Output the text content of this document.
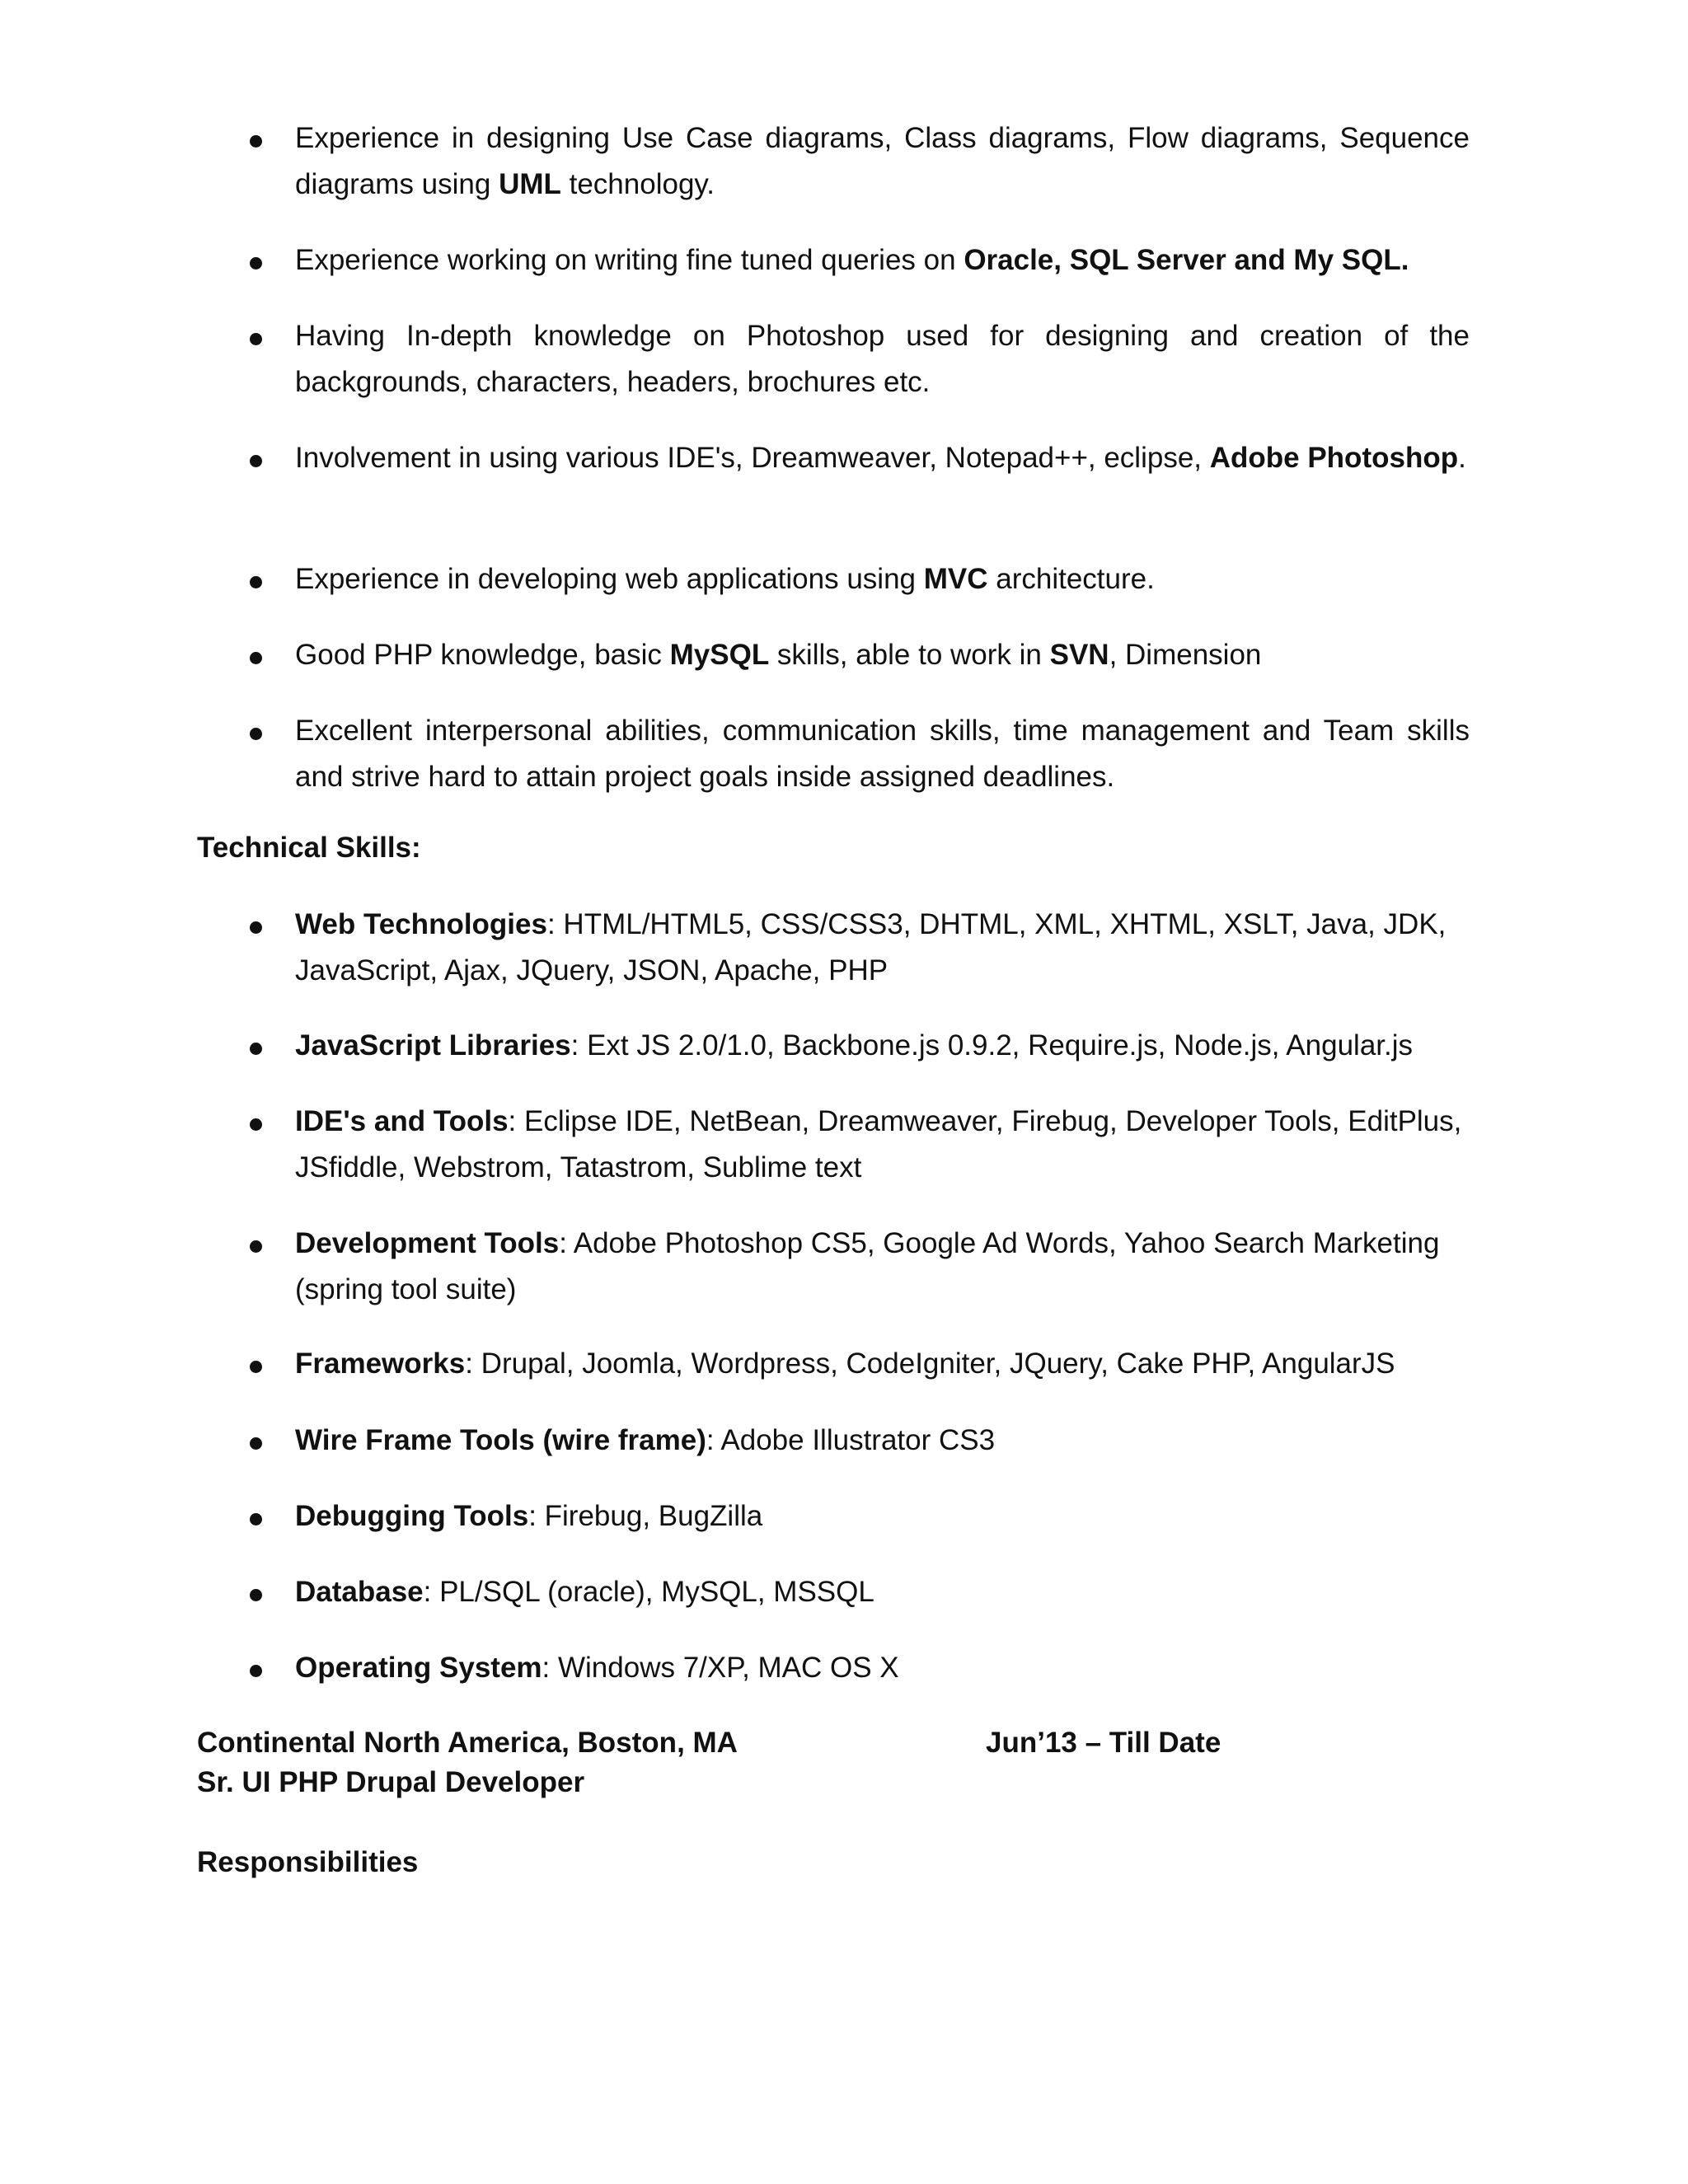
Experience in designing Use Case diagrams, Class diagrams, Flow diagrams, Sequence diagrams using UML technology.
Experience working on writing fine tuned queries on Oracle, SQL Server and My SQL.
Having In-depth knowledge on Photoshop used for designing and creation of the backgrounds, characters, headers, brochures etc.
Involvement in using various IDE's, Dreamweaver, Notepad++, eclipse, Adobe Photoshop.
Experience in developing web applications using MVC architecture.
Good PHP knowledge, basic MySQL skills, able to work in SVN, Dimension
Excellent interpersonal abilities, communication skills, time management and Team skills and strive hard to attain project goals inside assigned deadlines.
Technical Skills:
Web Technologies: HTML/HTML5, CSS/CSS3, DHTML, XML, XHTML, XSLT, Java, JDK, JavaScript, Ajax, JQuery, JSON, Apache, PHP
JavaScript Libraries: Ext JS 2.0/1.0, Backbone.js 0.9.2, Require.js, Node.js, Angular.js
IDE's and Tools: Eclipse IDE, NetBean, Dreamweaver, Firebug, Developer Tools, EditPlus, JSfiddle, Webstrom, Tatastrom, Sublime text
Development Tools: Adobe Photoshop CS5, Google Ad Words, Yahoo Search Marketing (spring tool suite)
Frameworks: Drupal, Joomla, Wordpress, CodeIgniter, JQuery, Cake PHP, AngularJS
Wire Frame Tools (wire frame): Adobe Illustrator CS3
Debugging Tools: Firebug, BugZilla
Database: PL/SQL (oracle), MySQL, MSSQL
Operating System: Windows 7/XP, MAC OS X
Continental North America, Boston, MA	Jun’13 – Till Date
Sr. UI PHP Drupal Developer
Responsibilities
